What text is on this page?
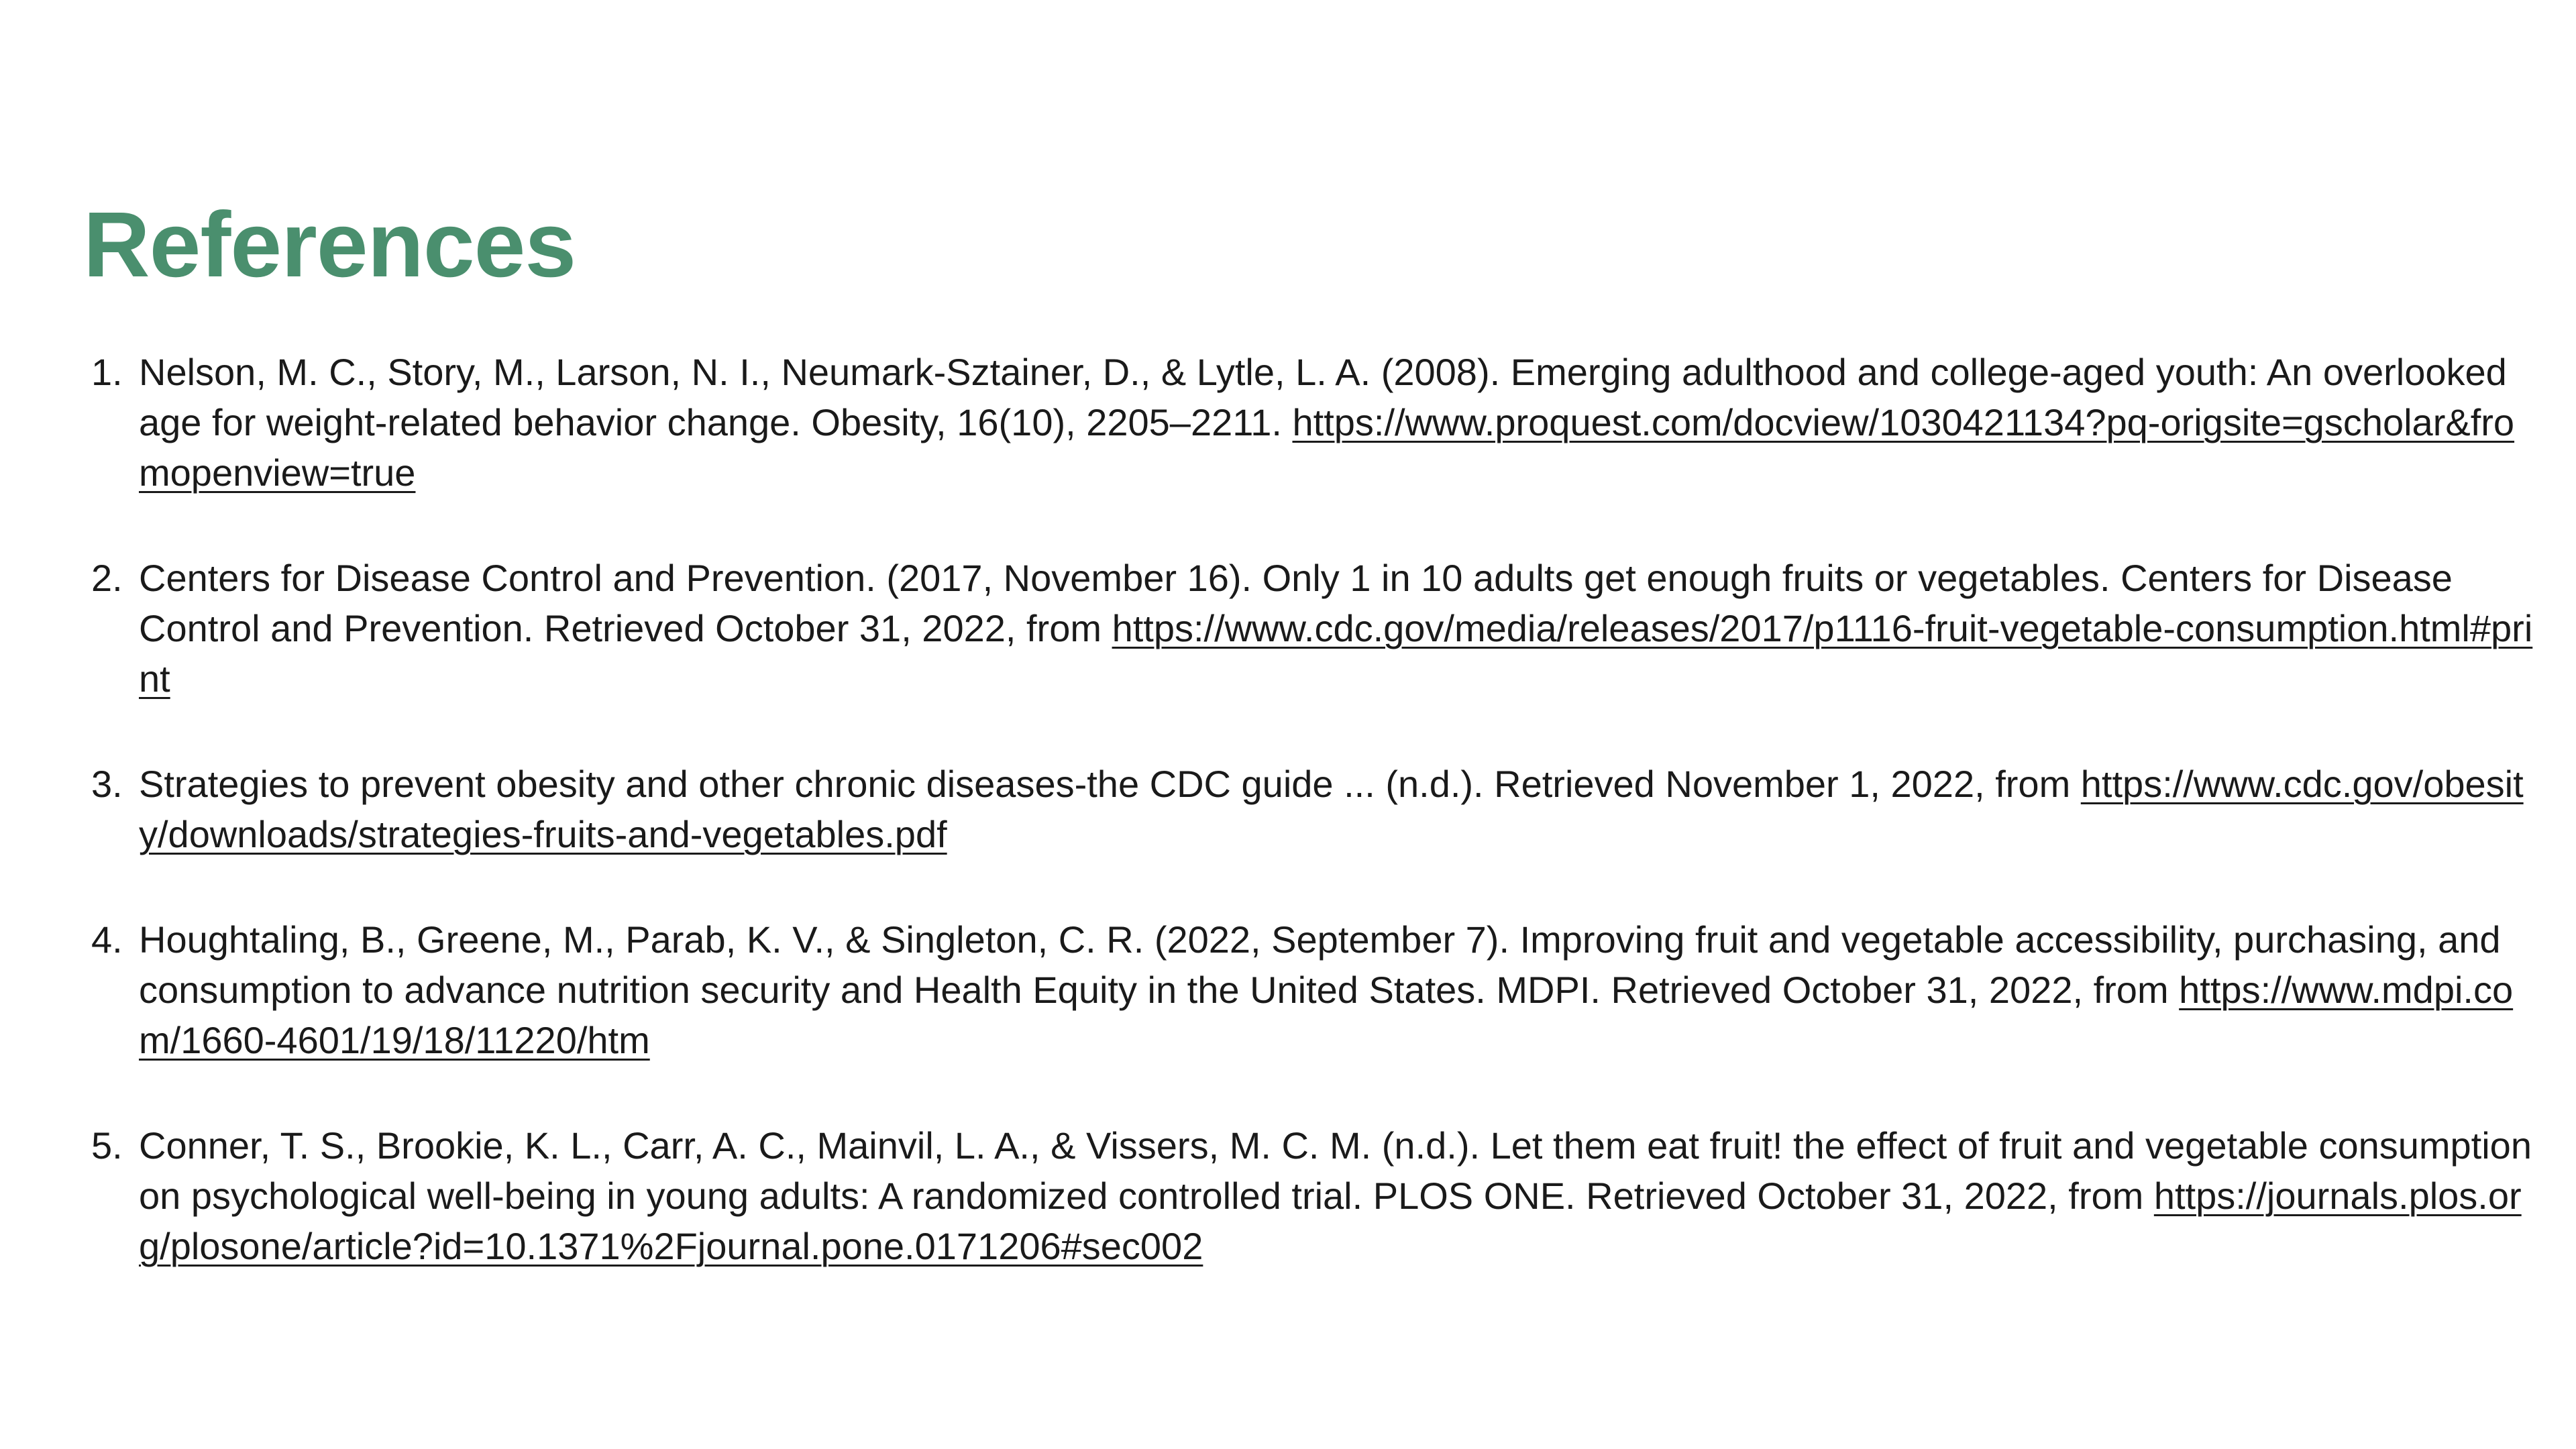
References
1. Nelson, M. C., Story, M., Larson, N. I., Neumark-Sztainer, D., & Lytle, L. A. (2008). Emerging adulthood and college-aged youth: An overlooked age for weight-related behavior change. Obesity, 16(10), 2205–2211. https://www.proquest.com/docview/1030421134?pq-origsite=gscholar&fromopenview=true
2. Centers for Disease Control and Prevention. (2017, November 16). Only 1 in 10 adults get enough fruits or vegetables. Centers for Disease Control and Prevention. Retrieved October 31, 2022, from https://www.cdc.gov/media/releases/2017/p1116-fruit-vegetable-consumption.html#print
3. Strategies to prevent obesity and other chronic diseases-the CDC guide ... (n.d.). Retrieved November 1, 2022, from https://www.cdc.gov/obesity/downloads/strategies-fruits-and-vegetables.pdf
4. Houghtaling, B., Greene, M., Parab, K. V., & Singleton, C. R. (2022, September 7). Improving fruit and vegetable accessibility, purchasing, and consumption to advance nutrition security and Health Equity in the United States. MDPI. Retrieved October 31, 2022, from https://www.mdpi.com/1660-4601/19/18/11220/htm
5. Conner, T. S., Brookie, K. L., Carr, A. C., Mainvil, L. A., & Vissers, M. C. M. (n.d.). Let them eat fruit! the effect of fruit and vegetable consumption on psychological well-being in young adults: A randomized controlled trial. PLOS ONE. Retrieved October 31, 2022, from https://journals.plos.org/plosone/article?id=10.1371%2Fjournal.pone.0171206#sec002
